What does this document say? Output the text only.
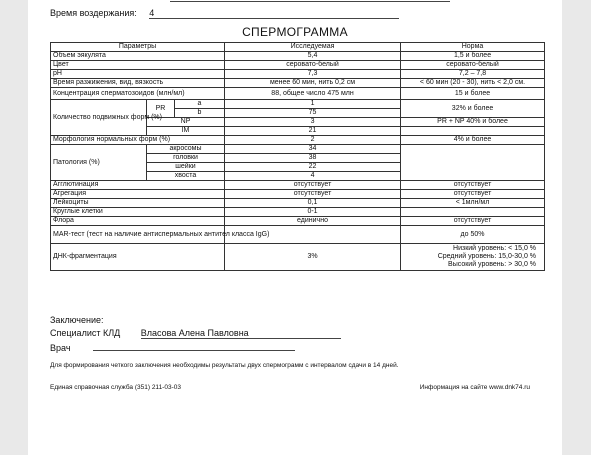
Время воздержания: 4
СПЕРМОГРАММА
Параметры			Исследуемая	Норма
Объем эякулята			5,4	1,5 и более
Цвет			серовато-белый	серовато-белый
pH			7,3	7,2 – 7,8
Время разжижения, вид, вязкость			менее 60 мин, нить 0,2 см	< 60 мин (20 - 30), нить < 2,0 см.
Концентрация сперматозоидов (млн/мл)			88, общее число 475 млн	15 и более
Количество подвижных форм (%)	PR	а	1	32% и более
		b	75	
	NP		3	PR + NP 40% и более
	IM		21	
Морфология нормальных форм (%)			2	4% и более
Патология (%)	акросомы		34	
	головки		38	
	шейки		22	
	хвоста		4	
Агглютинация			отсутствует	отсутствует
Агрегация			отсутствует	отсутствует
Лейкоциты			0,1	< 1млн/мл
Круглые клетки			0-1	
Флора			единично	отсутствует
MAR-тест (тест на наличие антиспермальных антител класса IgG)				до 50%
ДНК-фрагментация			3%	Низкий уровень: < 15,0 %
Средний уровень: 15,0-30,0 %
Высокий уровень: > 30,0 %
Заключение:
Специалист КЛД Власова Алена Павловна
Врач
Для формирования четкого заключения необходимы результаты двух спермограмм с интервалом сдачи в 14 дней.
Единая справочная служба (351) 211-03-03	Информация на сайте www.dnk74.ru
